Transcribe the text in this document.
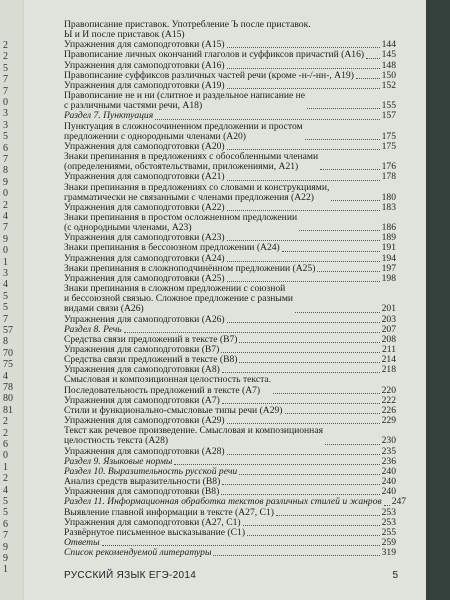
2
2
5
7
7
0
3
3
5
6
7
8
9
0
2
4
7
9
0
1
3
4
5
5
7
57
8
70
75
4
78
80
81
2
2
6
0
1
2
4
5
5
6
7
9
9
1
Правописание приставок. Употребление Ъ после приставок.
Ы и И после приставок (А15)
Упражнения для самоподготовки (А15)	144
Правописание личных окончаний глаголов и суффиксов причастий (А16) 145
Упражнения для самоподготовки (А16)	148
Правописание суффиксов различных частей речи (кроме -н-/-нн-, А19)	150
Упражнения для самоподготовки (А19)	152
Правописание не и ни (слитное и раздельное написание не
с различными частями речи, А18)	155
Раздел 7. Пунктуация	157
Пунктуация в сложносочиненном предложении и простом
предложении с однородными членами (А20)	175
Упражнения для самоподготовки (А20)	175
Знаки препинания в предложениях с обособленными членами
(определениями, обстоятельствами, приложениями, А21)	176
Упражнения для самоподготовки (А21)	178
Знаки препинания в предложениях со словами и конструкциями,
грамматически не связанными с членами предложения (А22)	180
Упражнения для самоподготовки (А22)	183
Знаки препинания в простом осложненном предложении
(с однородными членами, А23)	186
Упражнения для самоподготовки (А23)	189
Знаки препинания в бессоюзном предложении (А24)	191
Упражнения для самоподготовки (А24)	194
Знаки препинания в сложноподчинённом предложении (А25)	197
Упражнения для самоподготовки (А25)	198
Знаки препинания в сложном предложении с союзной
и бессоюзной связью. Сложное предложение с разными
видами связи (А26)	201
Упражнения для самоподготовки (А26)	203
Раздел 8. Речь	207
Средства связи предложений в тексте (В7)	208
Упражнения для самоподготовки (В7)	211
Средства связи предложений в тексте (В8)	214
Упражнения для самоподготовки (А8)	218
Смысловая и композиционная целостность текста.
Последовательность предложений в тексте (А7)	220
Упражнения для самоподготовки (А7)	222
Стили и функционально-смысловые типы речи (А29)	226
Упражнения для самоподготовки (А29)	229
Текст как речевое произведение. Смысловая и композиционная
целостность текста (А28)	230
Упражнения для самоподготовки (А28)	235
Раздел 9. Языковые нормы	236
Раздел 10. Выразительность русской речи	240
Анализ средств выразительности (В8)	240
Упражнения для самоподготовки (В8)	240
Раздел 11. Информационная обработка текстов различных стилей и жанров 247
Выявление главной информации в тексте (А27, С1)	253
Упражнения для самоподготовки (А27, С1)	253
Развёрнутое письменное высказывание (С1)	255
Ответы	259
Список рекомендуемой литературы	319
РУССКИЙ ЯЗЫК ЕГЭ-2014	5
